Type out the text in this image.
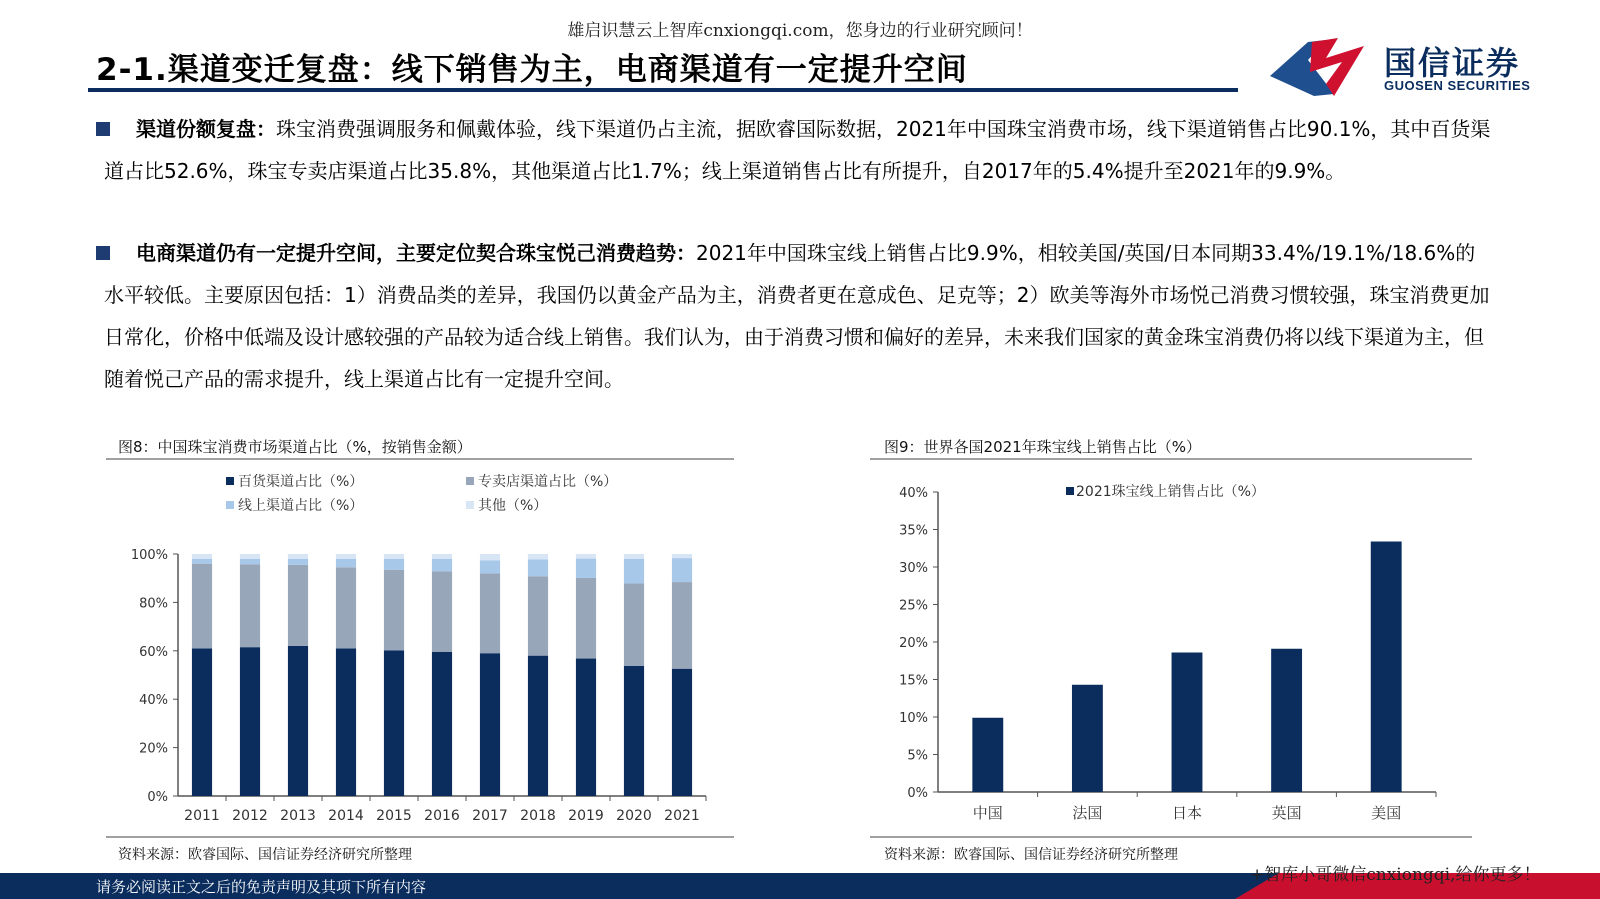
雄启识慧云上智库cnxiongqi.com，您身边的行业研究顾问！
2-1.渠道变迁复盘：线下销售为主，电商渠道有一定提升空间	国信证券
GUOSEN SECURITIES
渠道份额复盘：珠宝消费强调服务和佩戴体验，线下渠道仍占主流，据欧睿国际数据，2021年中国珠宝消费市场，线下渠道销售占比90.1%，其中百货渠道占比52.6%，珠宝专卖店渠道占比35.8%，其他渠道占比1.7%；线上渠道销售占比有所提升，自2017年的5.4%提升至2021年的9.9%。
电商渠道仍有一定提升空间，主要定位契合珠宝悦己消费趋势：2021年中国珠宝线上销售占比9.9%，相较美国/英国/日本同期33.4%/19.1%/18.6%的水平较低。主要原因包括：1）消费品类的差异，我国仍以黄金产品为主，消费者更在意成色、足克等；2）欧美等海外市场悦己消费习惯较强，珠宝消费更加日常化，价格中低端及设计感较强的产品较为适合线上销售。我们认为，由于消费习惯和偏好的差异，未来我们国家的黄金珠宝消费仍将以线下渠道为主，但随着悦己产品的需求提升，线上渠道占比有一定提升空间。
图8：中国珠宝消费市场渠道占比（%，按销售金额）
百货渠道占比（%）	专卖店渠道占比（%）
线上渠道占比（%）	其他（%）
0%
20%
40%
60%
80%
100%
2011 2012 2013 2014 2015 2016 2017 2018 2019 2020 2021
资料来源：欧睿国际、国信证券经济研究所整理
图9：世界各国2021年珠宝线上销售占比（%）
2021珠宝线上销售占比（%）
0%
5%
10%
15%
20%
25%
30%
35%
40%
中国	法国	日本	英国	美国
资料来源：欧睿国际、国信证券经济研究所整理
请务必阅读正文之后的免责声明及其项下所有内容
+智库小哥微信cnxiongqi,给你更多！
